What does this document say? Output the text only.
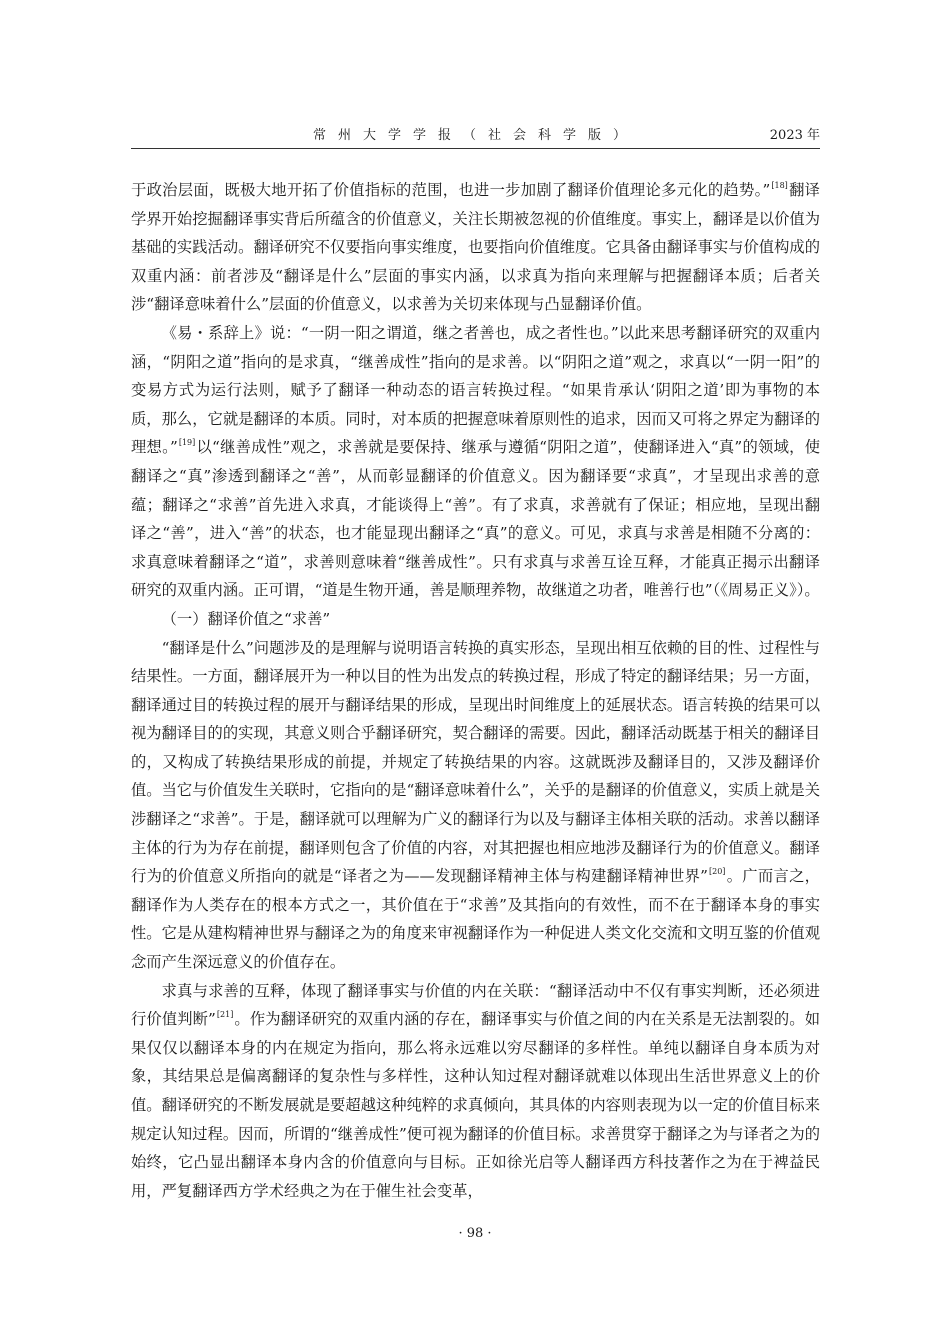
常州大学学报（社会科学版）	2023 年

于政治层面，既极大地开拓了价值指标的范围，也进一步加剧了翻译价值理论多元化的趋势。”[18]翻译学界开始挖掘翻译事实背后所蕴含的价值意义，关注长期被忽视的价值维度。事实上，翻译是以价值为基础的实践活动。翻译研究不仅要指向事实维度，也要指向价值维度。它具备由翻译事实与价值构成的双重内涵：前者涉及“翻译是什么”层面的事实内涵，以求真为指向来理解与把握翻译本质；后者关涉“翻译意味着什么”层面的价值意义，以求善为关切来体现与凸显翻译价值。

《易・系辞上》说：“一阴一阳之谓道，继之者善也，成之者性也。”以此来思考翻译研究的双重内涵，“阴阳之道”指向的是求真，“继善成性”指向的是求善。以“阴阳之道”观之，求真以“一阴一阳”的变易方式为运行法则，赋予了翻译一种动态的语言转换过程。“如果肯承认‘阴阳之道’即为事物的本质，那么，它就是翻译的本质。同时，对本质的把握意味着原则性的追求，因而又可将之界定为翻译的理想。”[19]以“继善成性”观之，求善就是要保持、继承与遵循“阴阳之道”，使翻译进入“真”的领域，使翻译之“真”渗透到翻译之“善”，从而彰显翻译的价值意义。因为翻译要“求真”，才呈现出求善的意蕴；翻译之“求善”首先进入求真，才能谈得上“善”。有了求真，求善就有了保证；相应地，呈现出翻译之“善”，进入“善”的状态，也才能显现出翻译之“真”的意义。可见，求真与求善是相随不分离的：求真意味着翻译之“道”，求善则意味着“继善成性”。只有求真与求善互诠互释，才能真正揭示出翻译研究的双重内涵。正可谓，“道是生物开通，善是顺理养物，故继道之功者，唯善行也”（《周易正义》）。

（一）翻译价值之“求善”

“翻译是什么”问题涉及的是理解与说明语言转换的真实形态，呈现出相互依赖的目的性、过程性与结果性。一方面，翻译展开为一种以目的性为出发点的转换过程，形成了特定的翻译结果；另一方面，翻译通过目的转换过程的展开与翻译结果的形成，呈现出时间维度上的延展状态。语言转换的结果可以视为翻译目的的实现，其意义则合乎翻译研究，契合翻译的需要。因此，翻译活动既基于相关的翻译目的，又构成了转换结果形成的前提，并规定了转换结果的内容。这就既涉及翻译目的，又涉及翻译价值。当它与价值发生关联时，它指向的是“翻译意味着什么”，关乎的是翻译的价值意义，实质上就是关涉翻译之“求善”。于是，翻译就可以理解为广义的翻译行为以及与翻译主体相关联的活动。求善以翻译主体的行为为存在前提，翻译则包含了价值的内容，对其把握也相应地涉及翻译行为的价值意义。翻译行为的价值意义所指向的就是“译者之为——发现翻译精神主体与构建翻译精神世界”[20]。广而言之，翻译作为人类存在的根本方式之一，其价值在于“求善”及其指向的有效性，而不在于翻译本身的事实性。它是从建构精神世界与翻译之为的角度来审视翻译作为一种促进人类文化交流和文明互鉴的价值观念而产生深远意义的价值存在。

求真与求善的互释，体现了翻译事实与价值的内在关联：“翻译活动中不仅有事实判断，还必须进行价值判断”[21]。作为翻译研究的双重内涵的存在，翻译事实与价值之间的内在关系是无法割裂的。如果仅仅以翻译本身的内在规定为指向，那么将永远难以穷尽翻译的多样性。单纯以翻译自身本质为对象，其结果总是偏离翻译的复杂性与多样性，这种认知过程对翻译就难以体现出生活世界意义上的价值。翻译研究的不断发展就是要超越这种纯粹的求真倾向，其具体的内容则表现为以一定的价值目标来规定认知过程。因而，所谓的“继善成性”便可视为翻译的价值目标。求善贯穿于翻译之为与译者之为的始终，它凸显出翻译本身内含的价值意向与目标。正如徐光启等人翻译西方科技著作之为在于裨益民用，严复翻译西方学术经典之为在于催生社会变革，

· 98 ·
